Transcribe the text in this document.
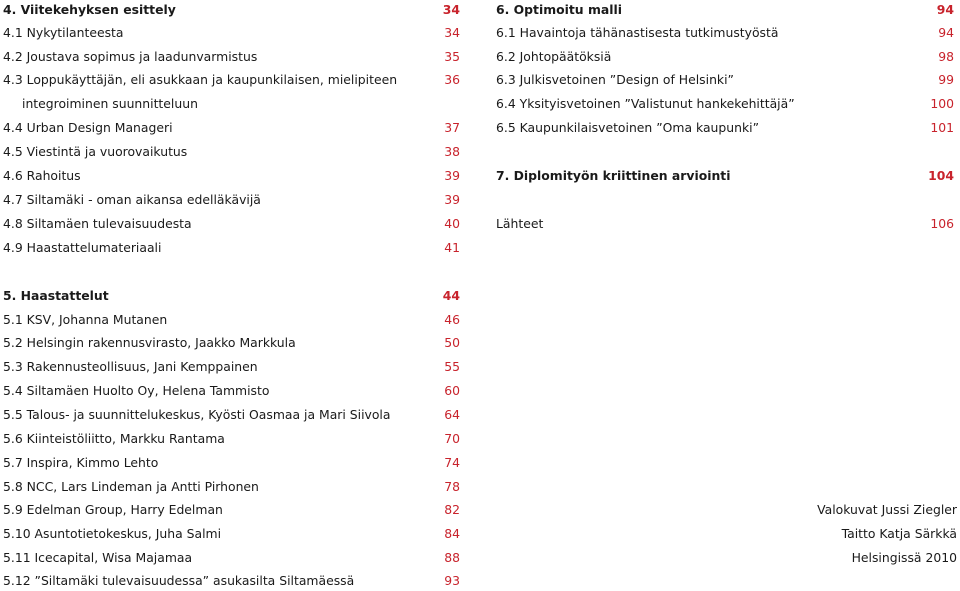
4. Viitekehyksen esittely	34
4.1 Nykytilanteesta	34
4.2 Joustava sopimus ja laadunvarmistus	35
4.3 Loppukäyttäjän, eli asukkaan ja kaupunkilaisen, mielipiteen	36
integroiminen suunnitteluun
4.4 Urban Design Manageri	37
4.5 Viestintä ja vuorovaikutus	38
4.6 Rahoitus	39
4.7 Siltamäki - oman aikansa edelläkävijä	39
4.8 Siltamäen tulevaisuudesta	40
4.9 Haastattelumateriaali	41
5. Haastattelut	44
5.1 KSV, Johanna Mutanen	46
5.2 Helsingin rakennusvirasto, Jaakko Markkula	50
5.3 Rakennusteollisuus, Jani Kemppainen	55
5.4 Siltamäen Huolto Oy, Helena Tammisto	60
5.5 Talous- ja suunnittelukeskus, Kyösti Oasmaa ja Mari Siivola	64
5.6 Kiinteistöliitto, Markku Rantama	70
5.7 Inspira, Kimmo Lehto	74
5.8 NCC, Lars Lindeman ja Antti Pirhonen	78
5.9 Edelman Group, Harry Edelman	82
5.10 Asuntotietokeskus, Juha Salmi	84
5.11 Icecapital, Wisa Majamaa	88
5.12 ”Siltamäki tulevaisuudessa” asukasilta Siltamäessä	93
6. Optimoitu malli	94
6.1 Havaintoja tähänastisesta tutkimustyöstä	94
6.2 Johtopäätöksiä	98
6.3 Julkisvetoinen ”Design of Helsinki”	99
6.4 Yksityisvetoinen ”Valistunut hankekehittäjä”	100
6.5 Kaupunkilaisvetoinen ”Oma kaupunki”	101
7. Diplomityön kriittinen arviointi	104
Lähteet	106
Valokuvat Jussi Ziegler
Taitto Katja Särkkä
Helsingissä 2010
